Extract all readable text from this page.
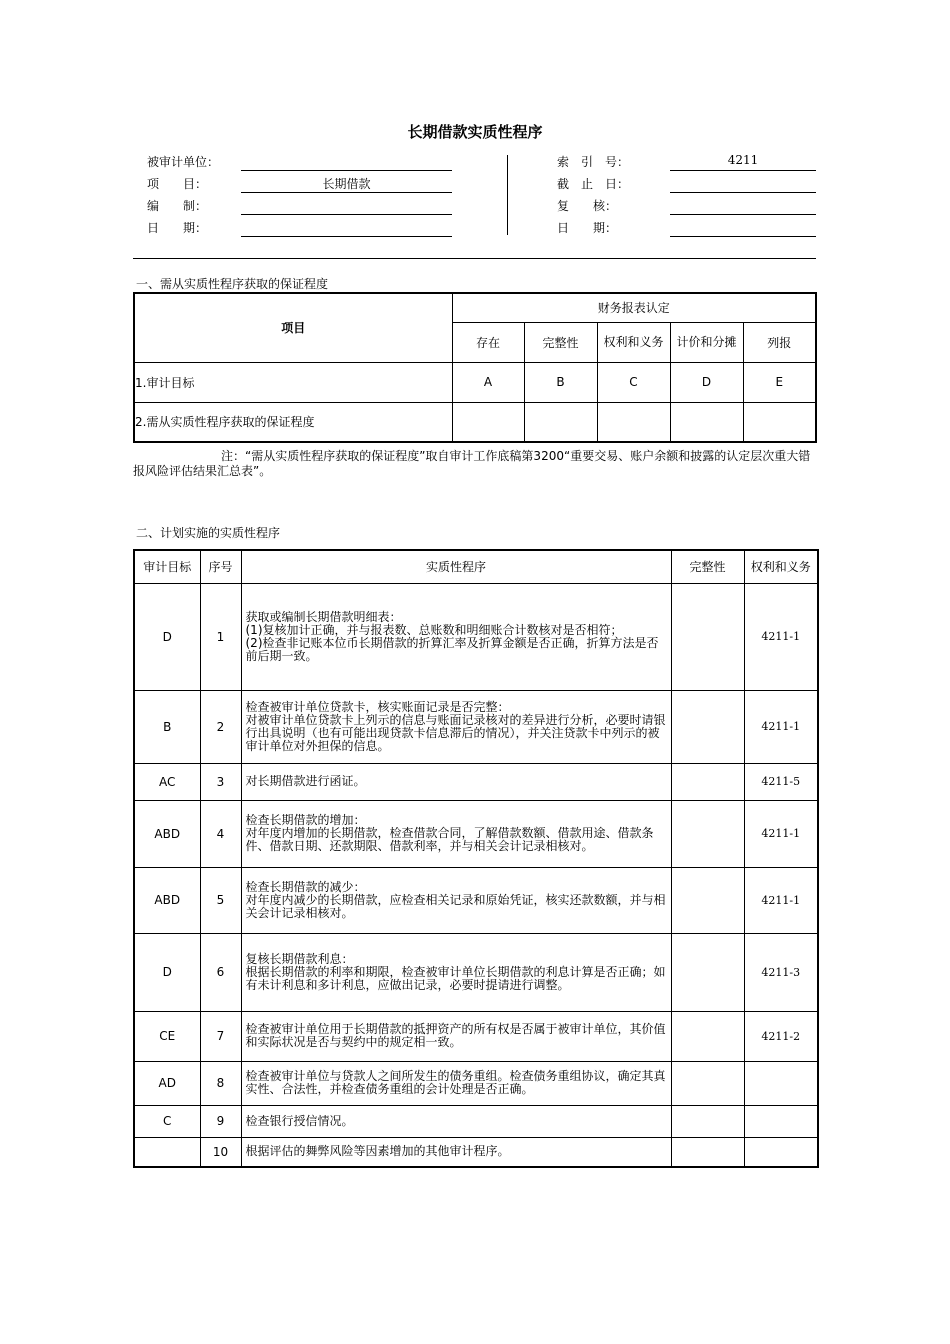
长期借款实质性程序
被审计单位：
项　　目：	长期借款
编　　制：
日　　期：
索　引　号：	4211
截　止　日：
复　　核：
日　　期：
一、需从实质性程序获取的保证程度
项目	财务报表认定				
	存在	完整性	权利和义务	计价和分摊	列报
1.审计目标	A	B	C	D	E
2.需从实质性程序获取的保证程度					
注：“需从实质性程序获取的保证程度”取自审计工作底稿第3200“重要交易、账户余额和披露的认定层次重大错报风险评估结果汇总表”。
二、计划实施的实质性程序
审计目标	序号	实质性程序	完整性	权利和义务
D	1	获取或编制长期借款明细表：
(1)复核加计正确，并与报表数、总账数和明细账合计数核对是否相符；
(2)检查非记账本位币长期借款的折算汇率及折算金额是否正确，折算方法是否前后期一致。		4211-1
B	2	检查被审计单位贷款卡，核实账面记录是否完整：
对被审计单位贷款卡上列示的信息与账面记录核对的差异进行分析，必要时请银行出具说明（也有可能出现贷款卡信息滞后的情况），并关注贷款卡中列示的被审计单位对外担保的信息。		4211-1
AC	3	对长期借款进行函证。		4211-5
ABD	4	检查长期借款的增加：
对年度内增加的长期借款，检查借款合同，了解借款数额、借款用途、借款条件、借款日期、还款期限、借款利率，并与相关会计记录相核对。		4211-1
ABD	5	检查长期借款的减少：
对年度内减少的长期借款，应检查相关记录和原始凭证，核实还款数额，并与相关会计记录相核对。		4211-1
D	6	复核长期借款利息：
根据长期借款的利率和期限，检查被审计单位长期借款的利息计算是否正确；如有未计利息和多计利息，应做出记录，必要时提请进行调整。		4211-3
CE	7	检查被审计单位用于长期借款的抵押资产的所有权是否属于被审计单位，其价值和实际状况是否与契约中的规定相一致。		4211-2
AD	8	检查被审计单位与贷款人之间所发生的债务重组。检查债务重组协议，确定其真实性、合法性，并检查债务重组的会计处理是否正确。		
C	9	检查银行授信情况。		
	10	根据评估的舞弊风险等因素增加的其他审计程序。		
